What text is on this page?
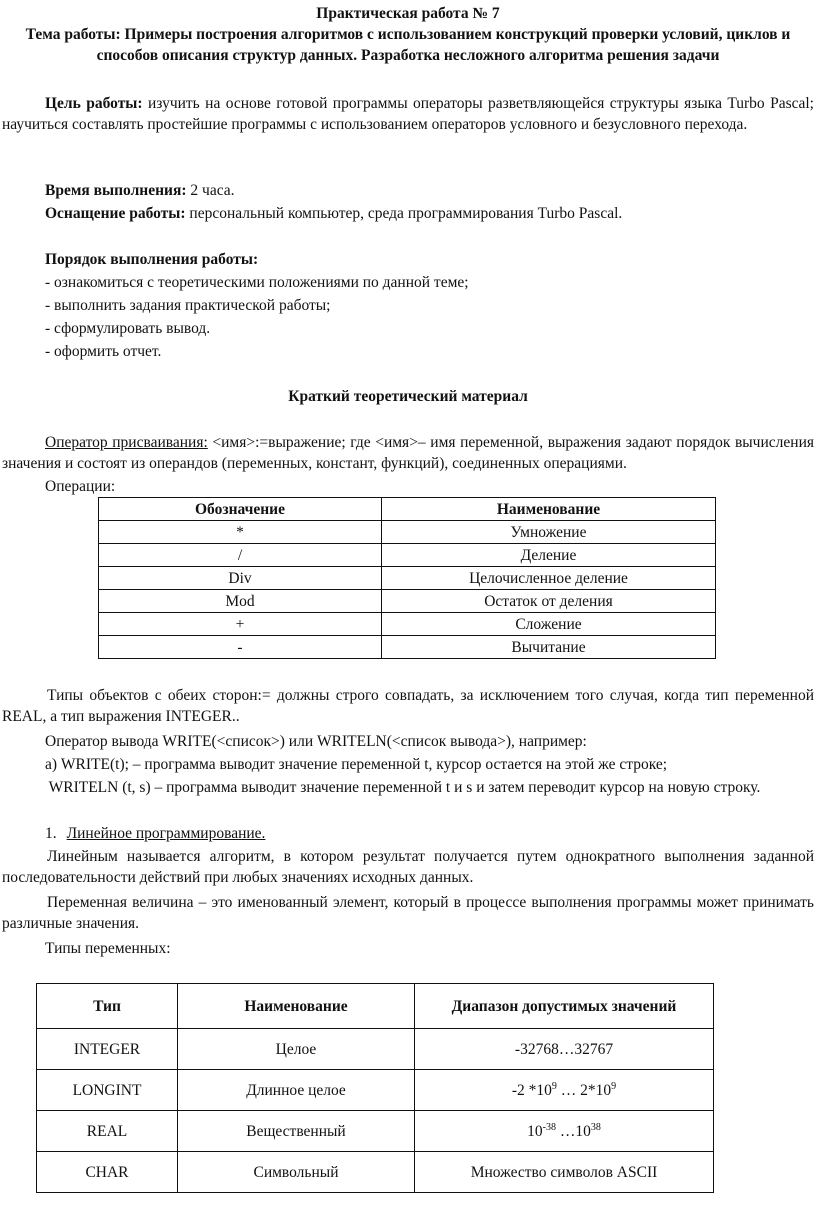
Практическая работа № 7
Тема работы: Примеры построения алгоритмов с использованием конструкций проверки условий, циклов и способов описания структур данных. Разработка несложного алгоритма решения задачи
Цель работы: изучить на основе готовой программы операторы разветвляющейся структуры языка Turbo Pascal; научиться составлять простейшие программы с использованием операторов условного и безусловного перехода.
Время выполнения: 2 часа.
Оснащение работы: персональный компьютер, среда программирования Turbo Pascal.
Порядок выполнения работы:
- ознакомиться с теоретическими положениями по данной теме;
- выполнить задания практической работы;
- сформулировать вывод.
- оформить отчет.
Краткий теоретический материал
Оператор присваивания: <имя>:=выражение; где <имя>– имя переменной, выражения задают порядок вычисления значения и состоят из операндов (переменных, констант, функций), соединенных операциями.
Операции:
Обозначение	Наименование
*	Умножение
/	Деление
Div	Целочисленное деление
Mod	Остаток от деления
+	Сложение
-	Вычитание
Типы объектов с обеих сторон:= должны строго совпадать, за исключением того случая, когда тип переменной REAL, а тип выражения INTEGER..
Оператор вывода WRITE(<список>) или WRITELN(<список вывода>), например:
а) WRITE(t); – программа выводит значение переменной t, курсор остается на этой же строке;
WRITELN (t, s) – программа выводит значение переменной t и s и затем переводит курсор на новую строку.
1. Линейное программирование.
Линейным называется алгоритм, в котором результат получается путем однократного выполнения заданной последовательности действий при любых значениях исходных данных.
Переменная величина – это именованный элемент, который в процессе выполнения программы может принимать различные значения.
Типы переменных:
Тип	Наименование	Диапазон допустимых значений
INTEGER	Целое	-32768…32767
LONGINT	Длинное целое	-2 $*10^9$ … $2*10^9$
REAL	Вещественный	$10^{-38}$ $\dots 10^{38}$
CHAR	Символьный	Множество символов ASCII
